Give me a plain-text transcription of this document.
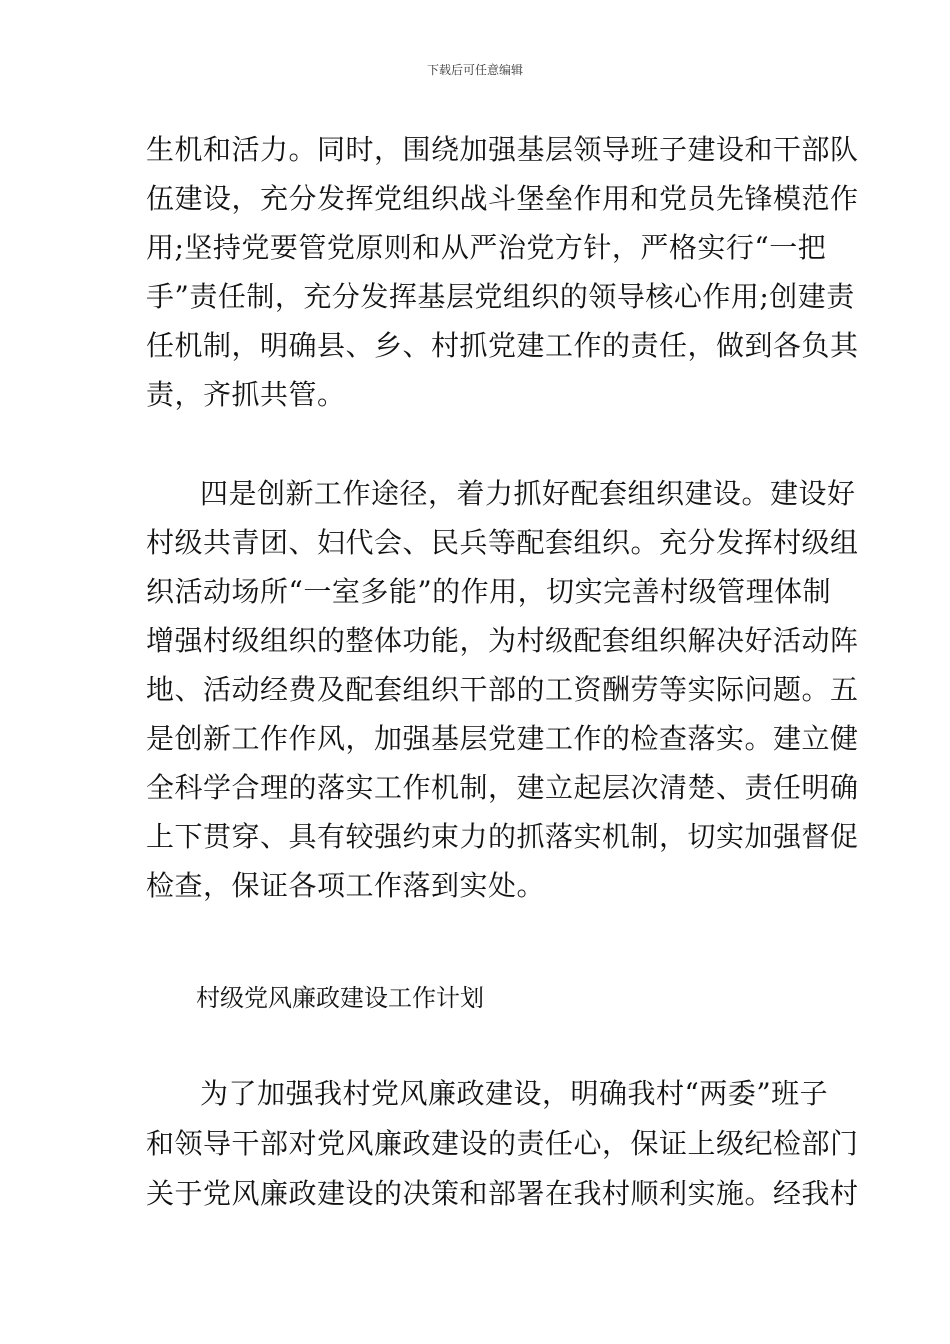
下载后可任意编辑
生机和活力。同时，围绕加强基层领导班子建设和干部队
伍建设，充分发挥党组织战斗堡垒作用和党员先锋模范作
用;坚持党要管党原则和从严治党方针，严格实行“一把
手”责任制，充分发挥基层党组织的领导核心作用;创建责
任机制，明确县、乡、村抓党建工作的责任，做到各负其
责，齐抓共管。
四是创新工作途径，着力抓好配套组织建设。建设好
村级共青团、妇代会、民兵等配套组织。充分发挥村级组
织活动场所“一室多能”的作用，切实完善村级管理体制
增强村级组织的整体功能，为村级配套组织解决好活动阵
地、活动经费及配套组织干部的工资酬劳等实际问题。五
是创新工作作风，加强基层党建工作的检查落实。建立健
全科学合理的落实工作机制，建立起层次清楚、责任明确
上下贯穿、具有较强约束力的抓落实机制，切实加强督促
检查，保证各项工作落到实处。
村级党风廉政建设工作计划
为了加强我村党风廉政建设，明确我村“两委”班子
和领导干部对党风廉政建设的责任心，保证上级纪检部门
关于党风廉政建设的决策和部署在我村顺利实施。经我村
